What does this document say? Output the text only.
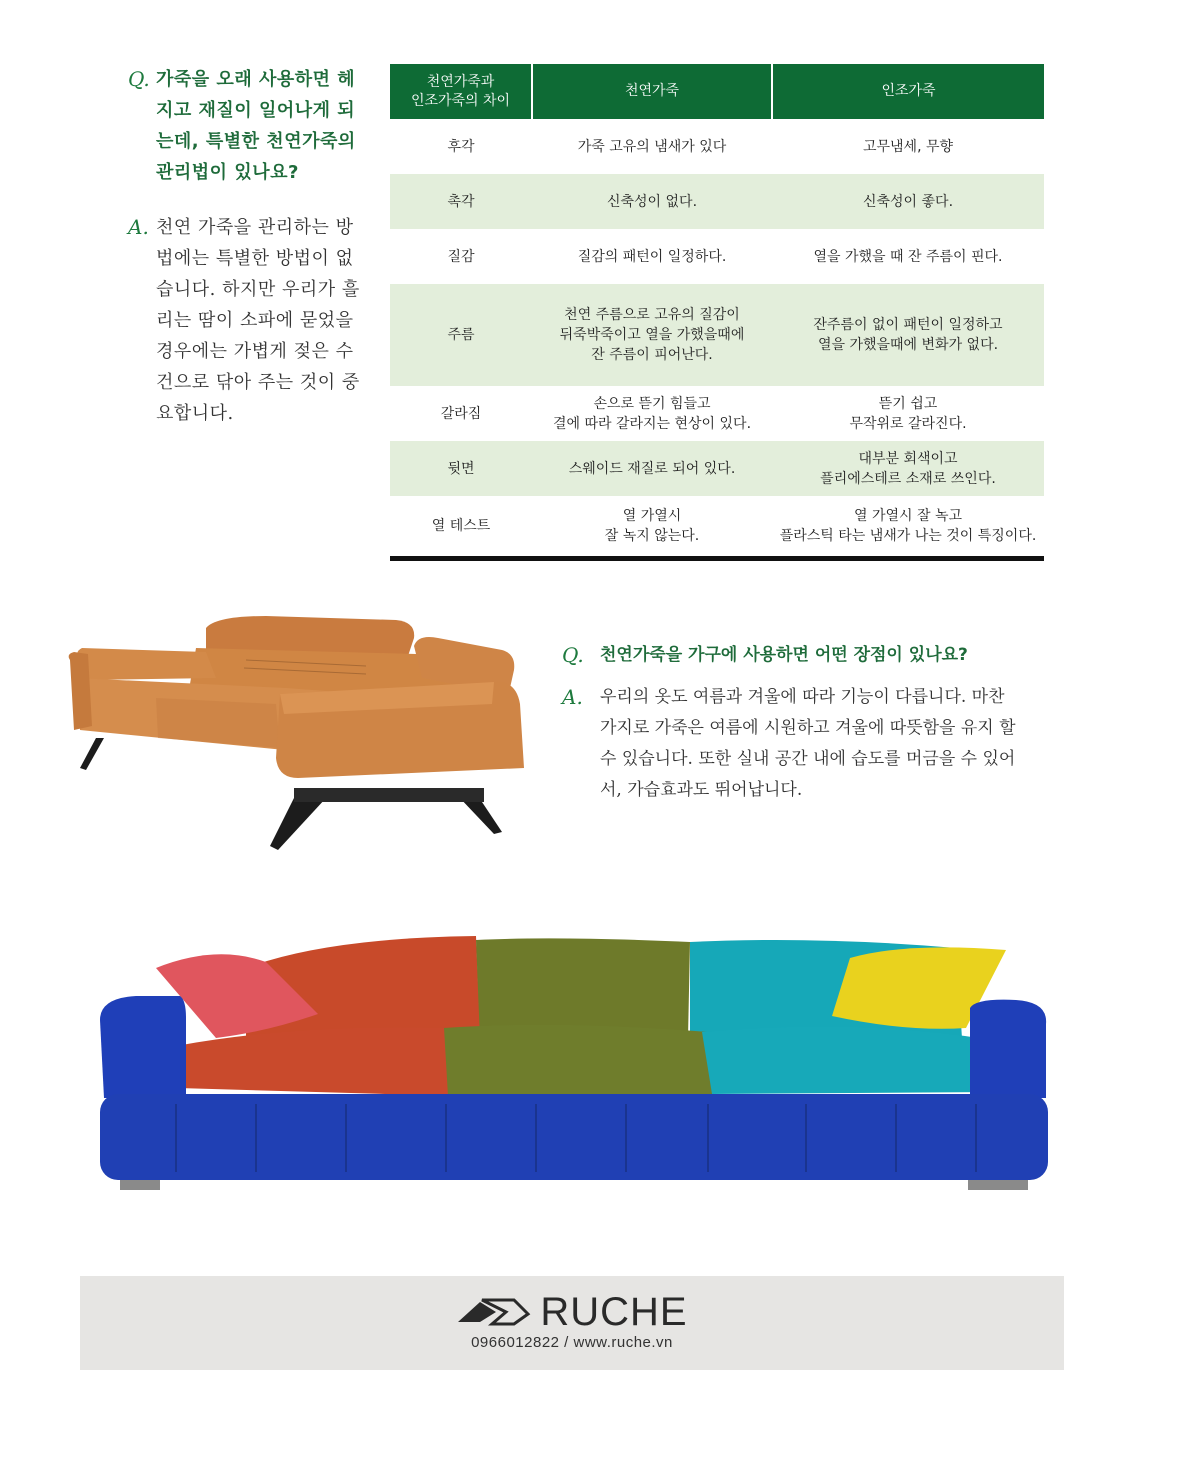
Q. 가죽을 오래 사용하면 헤
지고 재질이 일어나게 되
는데, 특별한 천연가죽의
관리법이 있나요?
A. 천연 가죽을 관리하는 방
법에는 특별한 방법이 없
습니다. 하지만 우리가 흘
리는 땀이 소파에 묻었을
경우에는 가볍게 젖은 수
건으로 닦아 주는 것이 중
요합니다.
천연가죽과
인조가죽의 차이	천연가죽	인조가죽
후각	가죽 고유의 냄새가 있다	고무냄세, 무향

촉각	신축성이 없다.	신축성이 좋다.

질감	질감의 패턴이 일정하다.	열을 가했을 때 잔 주름이 핀다.

주름	천연 주름으로 고유의 질감이
뒤죽박죽이고 열을 가했을때에
잔 주름이 피어난다.	잔주름이 없이 패턴이 일정하고
열을 가했을때에 변화가 없다.

갈라짐	손으로 뜯기 힘들고
결에 따라 갈라지는 현상이 있다.	뜯기 쉽고
무작위로 갈라진다.

뒷면	스웨이드 재질로 되어 있다.	대부분 회색이고
플리에스테르 소재로 쓰인다.

열 테스트	열 가열시
잘 녹지 않는다.	열 가열시 잘 녹고
플라스틱 타는 냄새가 나는 것이 특징이다.
Q. 천연가죽을 가구에 사용하면 어떤 장점이 있나요?
A.	우리의 옷도 여름과 겨울에 따라 기능이 다릅니다. 마찬
가지로 가죽은 여름에 시원하고 겨울에 따뜻함을 유지 할
수 있습니다. 또한 실내 공간 내에 습도를 머금을 수 있어
서, 가습효과도 뛰어납니다.
RUCHE
0966012822 / www.ruche.vn
